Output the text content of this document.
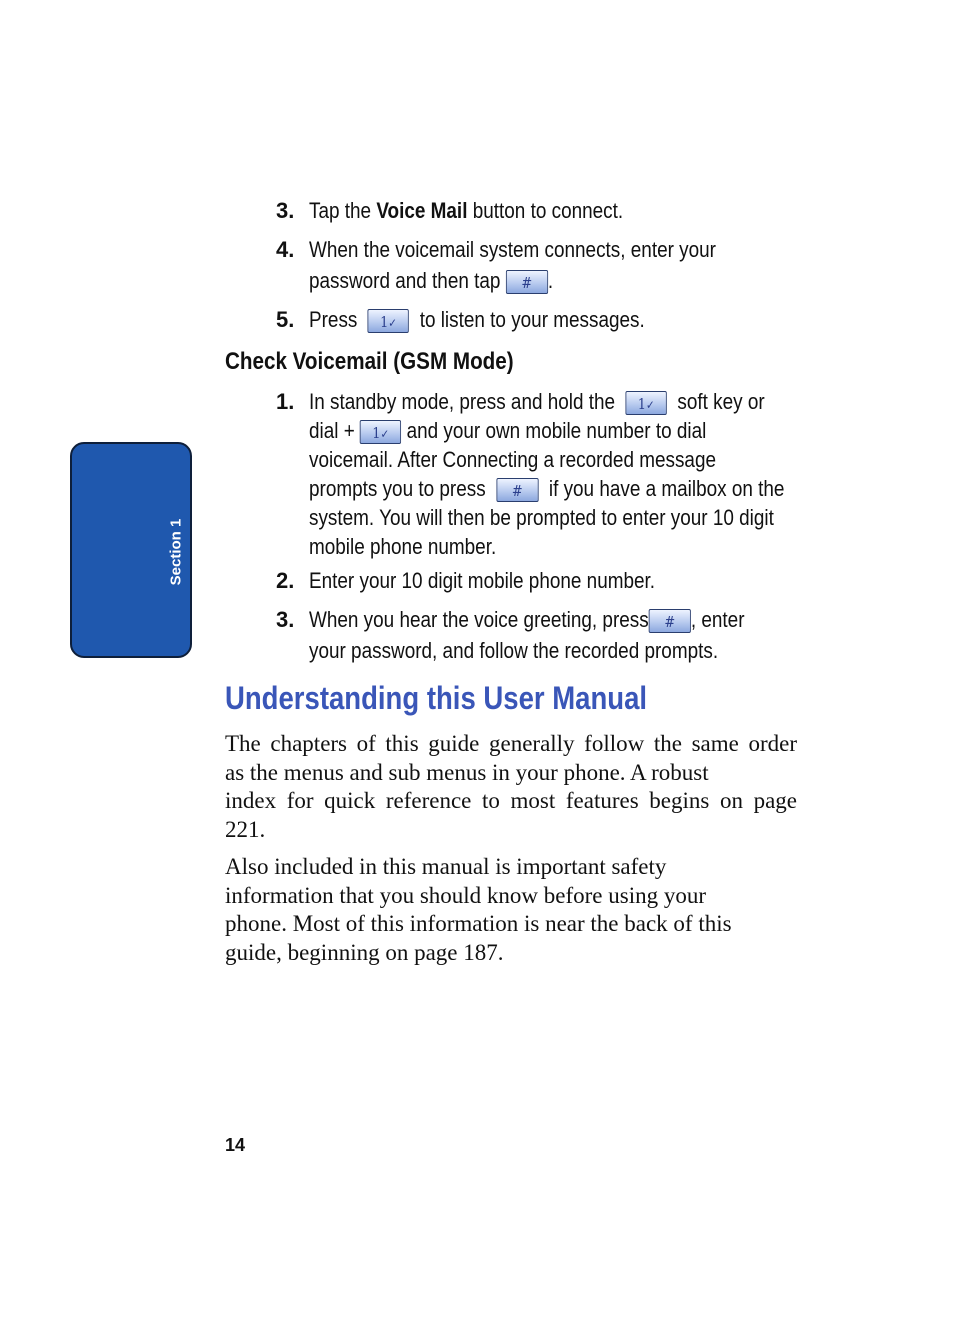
Section 1
3. Tap the Voice Mail button to connect.
4. When the voicemail system connects, enter your
password and then tap # .
5. Press 1✓ to listen to your messages.
Check Voicemail (GSM Mode)
1. In standby mode, press and hold the 1✓ soft key or
dial + 1✓ and your own mobile number to dial
voicemail. After Connecting a recorded message
prompts you to press # if you have a mailbox on the
system. You will then be prompted to enter your 10 digit
mobile phone number.
2. Enter your 10 digit mobile phone number.
3. When you hear the voice greeting, press # , enter
your password, and follow the recorded prompts.
Understanding this User Manual
The chapters of this guide generally follow the same order
as the menus and sub menus in your phone. A robust
index for quick reference to most features begins on page
221.
Also included in this manual is important safety
information that you should know before using your
phone. Most of this information is near the back of this
guide, beginning on page 187.
14
